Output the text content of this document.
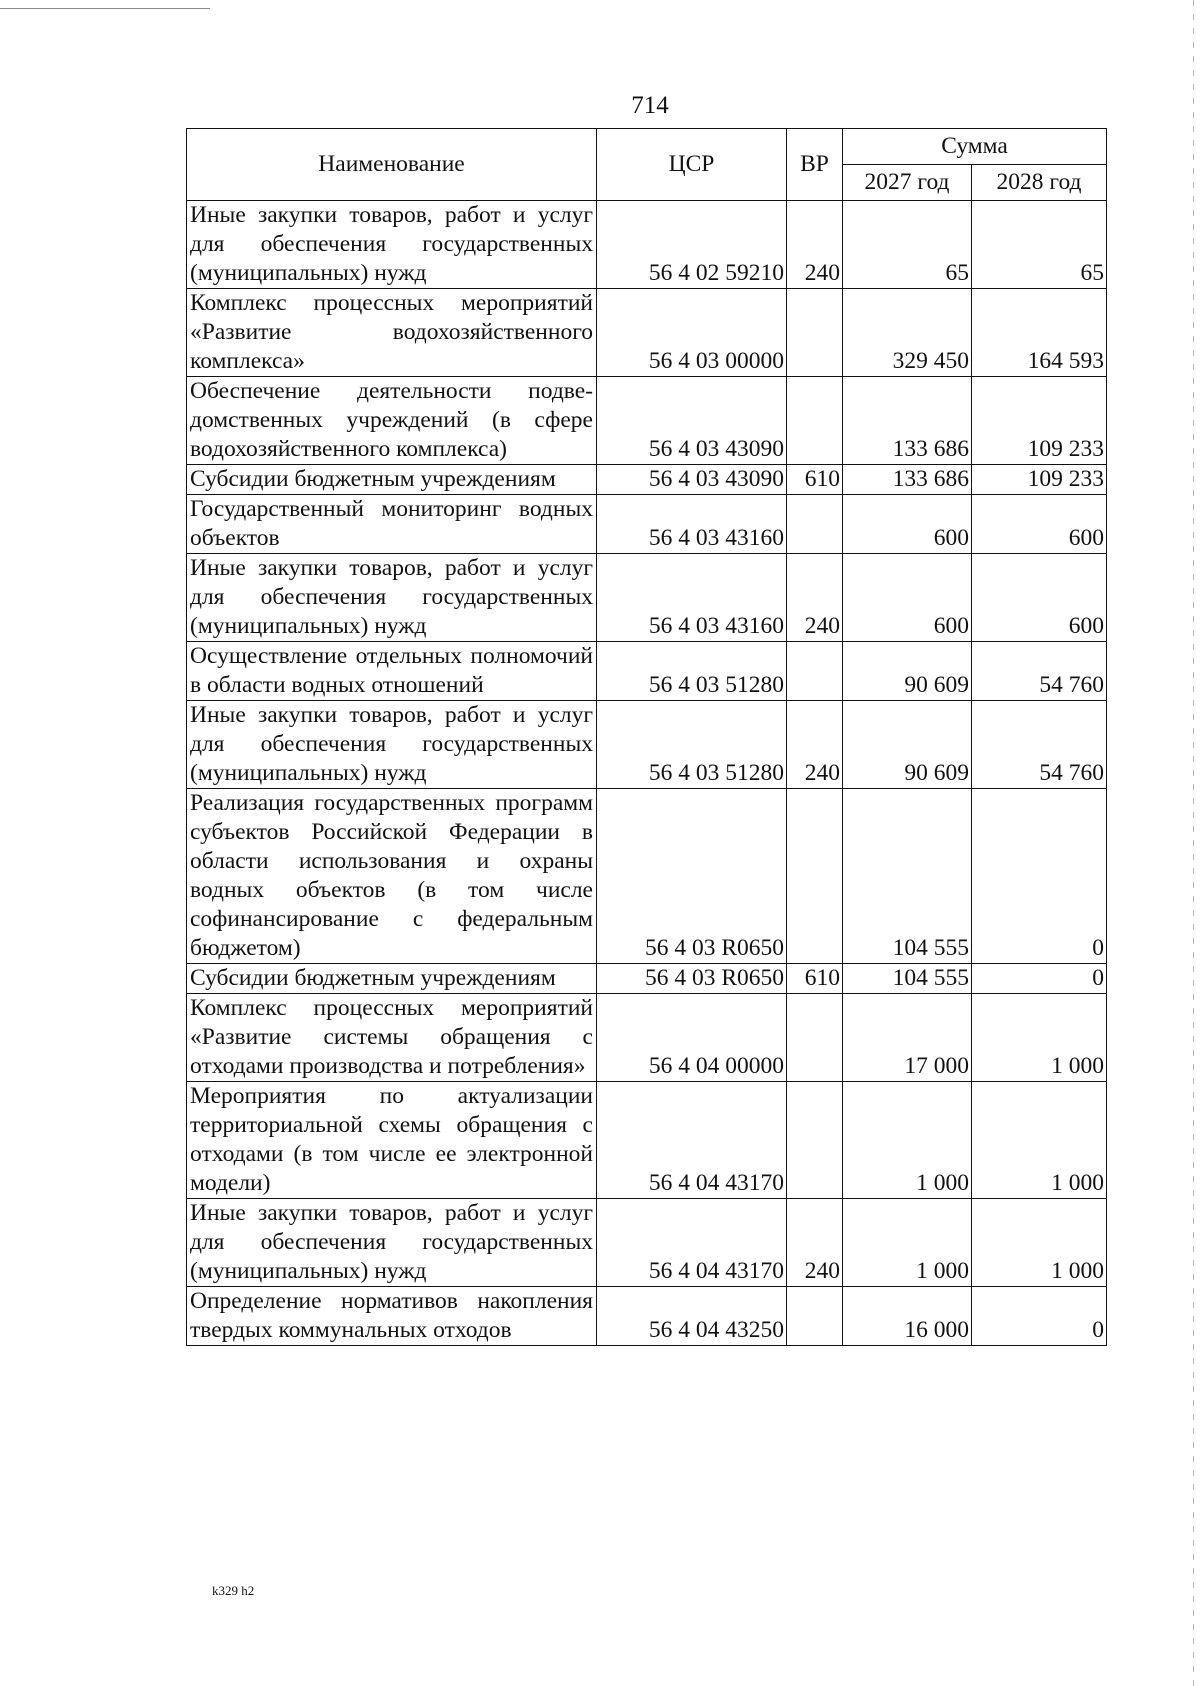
714
Наименование	ЦСР	ВР	Сумма	
			2027 год	2028 год
Иные закупки товаров, работ и услуг для обеспечения государственных (муниципальных) нужд	56 4 02 59210	240	65	65
Комплекс процессных мероприятий «Развитие водохозяйственного комплекса»	56 4 03 00000		329 450	164 593
Обеспечение деятельности подведомственных учреждений (в сфере водохозяйственного комплекса)	56 4 03 43090		133 686	109 233
Субсидии бюджетным учреждениям	56 4 03 43090	610	133 686	109 233
Государственный мониторинг водных объектов	56 4 03 43160		600	600
Иные закупки товаров, работ и услуг для обеспечения государственных (муниципальных) нужд	56 4 03 43160	240	600	600
Осуществление отдельных полномочий в области водных отношений	56 4 03 51280		90 609	54 760
Иные закупки товаров, работ и услуг для обеспечения государственных (муниципальных) нужд	56 4 03 51280	240	90 609	54 760
Реализация государственных программ субъектов Российской Федерации в области использования и охраны водных объектов (в том числе софинансирование с федеральным бюджетом)	56 4 03 R0650		104 555	0
Субсидии бюджетным учреждениям	56 4 03 R0650	610	104 555	0
Комплекс процессных мероприятий «Развитие системы обращения с отходами производства и потребления»	56 4 04 00000		17 000	1 000
Мероприятия по актуализации территориальной схемы обращения с отходами (в том числе ее электронной модели)	56 4 04 43170		1 000	1 000
Иные закупки товаров, работ и услуг для обеспечения государственных (муниципальных) нужд	56 4 04 43170	240	1 000	1 000
Определение нормативов накопления твердых коммунальных отходов	56 4 04 43250		16 000	0
k329 h2
